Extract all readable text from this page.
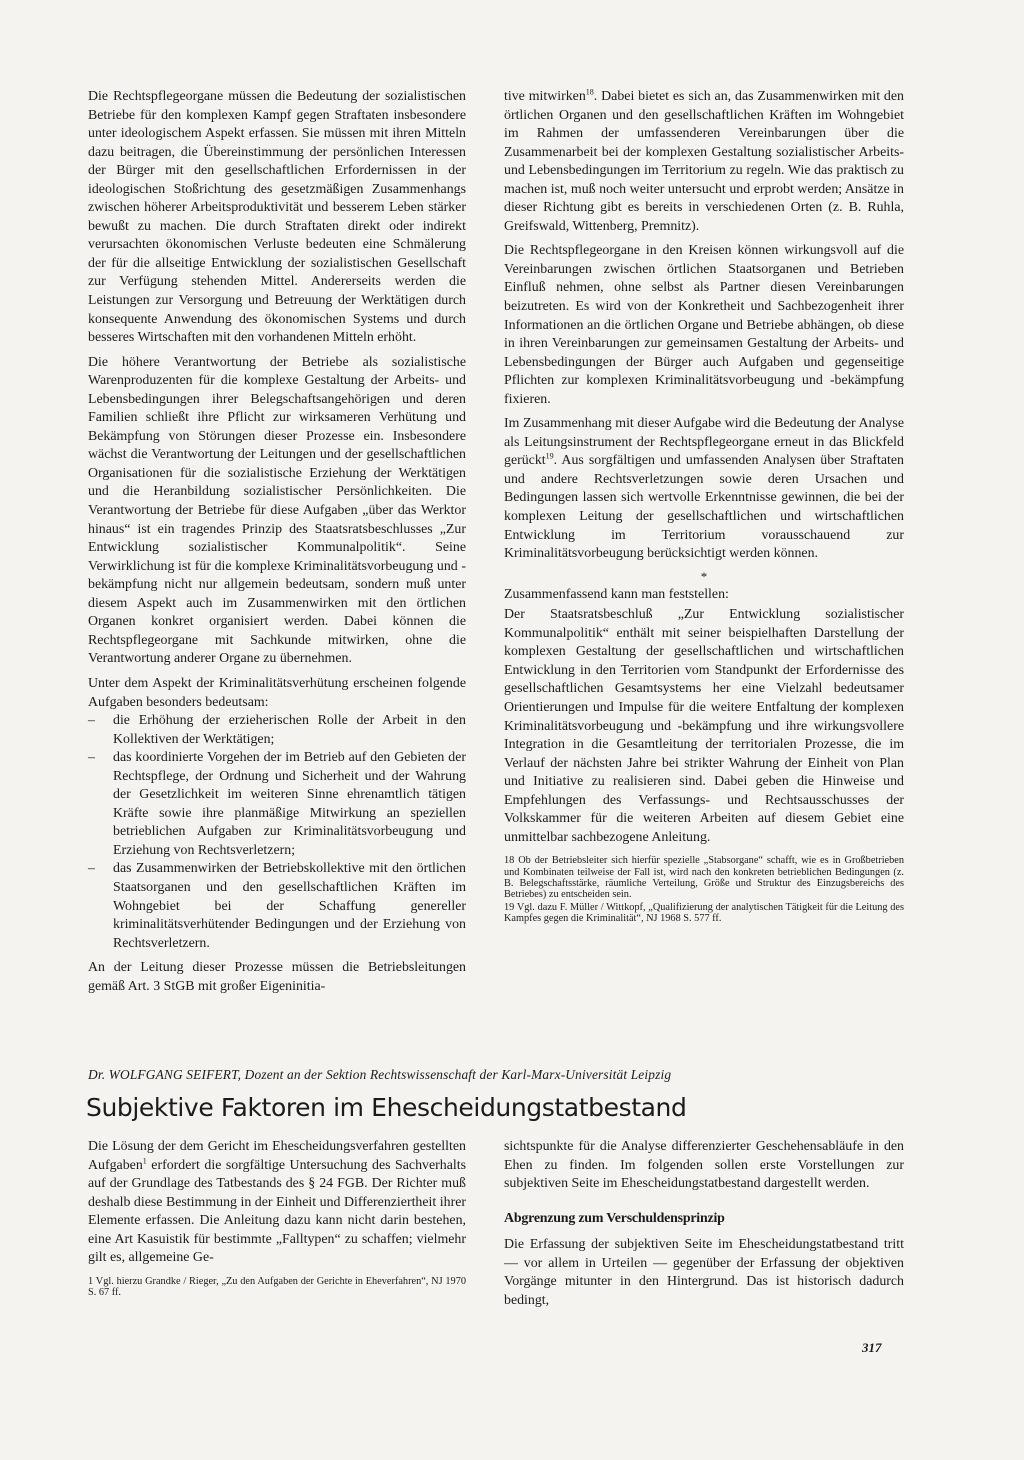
Die Rechtspflegeorgane müssen die Bedeutung der sozialistischen Betriebe für den komplexen Kampf gegen Straftaten insbesondere unter ideologischem Aspekt erfassen. Sie müssen mit ihren Mitteln dazu beitragen, die Übereinstimmung der persönlichen Interessen der Bürger mit den gesellschaftlichen Erfordernissen in der ideologischen Stoßrichtung des gesetzmäßigen Zusammenhangs zwischen höherer Arbeitsproduktivität und besserem Leben stärker bewußt zu machen. Die durch Straftaten direkt oder indirekt verursachten ökonomischen Verluste bedeuten eine Schmälerung der für die allseitige Entwicklung der sozialistischen Gesellschaft zur Verfügung stehenden Mittel. Andererseits werden die Leistungen zur Versorgung und Betreuung der Werktätigen durch konsequente Anwendung des ökonomischen Systems und durch besseres Wirtschaften mit den vorhandenen Mitteln erhöht.

Die höhere Verantwortung der Betriebe als sozialistische Warenproduzenten für die komplexe Gestaltung der Arbeits- und Lebensbedingungen ihrer Belegschaftsangehörigen und deren Familien schließt ihre Pflicht zur wirksameren Verhütung und Bekämpfung von Störungen dieser Prozesse ein. Insbesondere wächst die Verantwortung der Leitungen und der gesellschaftlichen Organisationen für die sozialistische Erziehung der Werktätigen und die Heranbildung sozialistischer Persönlichkeiten. Die Verantwortung der Betriebe für diese Aufgaben „über das Werktor hinaus“ ist ein tragendes Prinzip des Staatsratsbeschlusses „Zur Entwicklung sozialistischer Kommunalpolitik“. Seine Verwirklichung ist für die komplexe Kriminalitätsvorbeugung und -bekämpfung nicht nur allgemein bedeutsam, sondern muß unter diesem Aspekt auch im Zusammenwirken mit den örtlichen Organen konkret organisiert werden. Dabei können die Rechtspflegeorgane mit Sachkunde mitwirken, ohne die Verantwortung anderer Organe zu übernehmen.

Unter dem Aspekt der Kriminalitätsverhütung erscheinen folgende Aufgaben besonders bedeutsam:

– die Erhöhung der erzieherischen Rolle der Arbeit in den Kollektiven der Werktätigen;
– das koordinierte Vorgehen der im Betrieb auf den Gebieten der Rechtspflege, der Ordnung und Sicherheit und der Wahrung der Gesetzlichkeit im weiteren Sinne ehrenamtlich tätigen Kräfte sowie ihre planmäßige Mitwirkung an speziellen betrieblichen Aufgaben zur Kriminalitätsvorbeugung und Erziehung von Rechtsverletzern;
– das Zusammenwirken der Betriebskollektive mit den örtlichen Staatsorganen und den gesellschaftlichen Kräften im Wohngebiet bei der Schaffung genereller kriminalitätsverhütender Bedingungen und der Erziehung von Rechtsverletzern.

An der Leitung dieser Prozesse müssen die Betriebsleitungen gemäß Art. 3 StGB mit großer Eigeninitia-

tive mitwirken$^{18}$. Dabei bietet es sich an, das Zusammenwirken mit den örtlichen Organen und den gesellschaftlichen Kräften im Wohngebiet im Rahmen der umfassenderen Vereinbarungen über die Zusammenarbeit bei der komplexen Gestaltung sozialistischer Arbeits- und Lebensbedingungen im Territorium zu regeln. Wie das praktisch zu machen ist, muß noch weiter untersucht und erprobt werden; Ansätze in dieser Richtung gibt es bereits in verschiedenen Orten (z. B. Ruhla, Greifswald, Wittenberg, Premnitz).

Die Rechtspflegeorgane in den Kreisen können wirkungsvoll auf die Vereinbarungen zwischen örtlichen Staatsorganen und Betrieben Einfluß nehmen, ohne selbst als Partner diesen Vereinbarungen beizutreten. Es wird von der Konkretheit und Sachbezogenheit ihrer Informationen an die örtlichen Organe und Betriebe abhängen, ob diese in ihren Vereinbarungen zur gemeinsamen Gestaltung der Arbeits- und Lebensbedingungen der Bürger auch Aufgaben und gegenseitige Pflichten zur komplexen Kriminalitätsvorbeugung und -bekämpfung fixieren.

Im Zusammenhang mit dieser Aufgabe wird die Bedeutung der Analyse als Leitungsinstrument der Rechtspflegeorgane erneut in das Blickfeld gerückt$^{19}$. Aus sorgfältigen und umfassenden Analysen über Straftaten und andere Rechtsverletzungen sowie deren Ursachen und Bedingungen lassen sich wertvolle Erkenntnisse gewinnen, die bei der komplexen Leitung der gesellschaftlichen und wirtschaftlichen Entwicklung im Territorium vorausschauend zur Kriminalitätsvorbeugung berücksichtigt werden können.

*

Zusammenfassend kann man feststellen:

Der Staatsratsbeschluß „Zur Entwicklung sozialistischer Kommunalpolitik“ enthält mit seiner beispielhaften Darstellung der komplexen Gestaltung der gesellschaftlichen und wirtschaftlichen Entwicklung in den Territorien vom Standpunkt der Erfordernisse des gesellschaftlichen Gesamtsystems her eine Vielzahl bedeutsamer Orientierungen und Impulse für die weitere Entfaltung der komplexen Kriminalitätsvorbeugung und -bekämpfung und ihre wirkungsvollere Integration in die Gesamtleitung der territorialen Prozesse, die im Verlauf der nächsten Jahre bei strikter Wahrung der Einheit von Plan und Initiative zu realisieren sind. Dabei geben die Hinweise und Empfehlungen des Verfassungs- und Rechtsausschusses der Volkskammer für die weiteren Arbeiten auf diesem Gebiet eine unmittelbar sachbezogene Anleitung.

18 Ob der Betriebsleiter sich hierfür spezielle „Stabsorgane“ schafft, wie es in Großbetrieben und Kombinaten teilweise der Fall ist, wird nach den konkreten betrieblichen Bedingungen (z. B. Belegschaftsstärke, räumliche Verteilung, Größe und Struktur des Einzugsbereichs des Betriebes) zu entscheiden sein.
19 Vgl. dazu F. Müller / Wittkopf, „Qualifizierung der analytischen Tätigkeit für die Leitung des Kampfes gegen die Kriminalität“, NJ 1968 S. 577 ff.
Dr. WOLFGANG SEIFERT, Dozent an der Sektion Rechtswissenschaft der Karl-Marx-Universität Leipzig
Subjektive Faktoren im Ehescheidungstatbestand

Die Lösung der dem Gericht im Ehescheidungsverfahren gestellten Aufgaben$^1$ erfordert die sorgfältige Untersuchung des Sachverhalts auf der Grundlage des Tatbestands des § 24 FGB. Der Richter muß deshalb diese Bestimmung in der Einheit und Differenziertheit ihrer Elemente erfassen. Die Anleitung dazu kann nicht darin bestehen, eine Art Kasuistik für bestimmte „Falltypen“ zu schaffen; vielmehr gilt es, allgemeine Ge-

1 Vgl. hierzu Grandke / Rieger, „Zu den Aufgaben der Gerichte in Eheverfahren“, NJ 1970 S. 67 ff.

sichtspunkte für die Analyse differenzierter Geschehensabläufe in den Ehen zu finden. Im folgenden sollen erste Vorstellungen zur subjektiven Seite im Ehescheidungstatbestand dargestellt werden.

Abgrenzung zum Verschuldensprinzip

Die Erfassung der subjektiven Seite im Ehescheidungstatbestand tritt — vor allem in Urteilen — gegenüber der Erfassung der objektiven Vorgänge mitunter in den Hintergrund. Das ist historisch dadurch bedingt,

317
